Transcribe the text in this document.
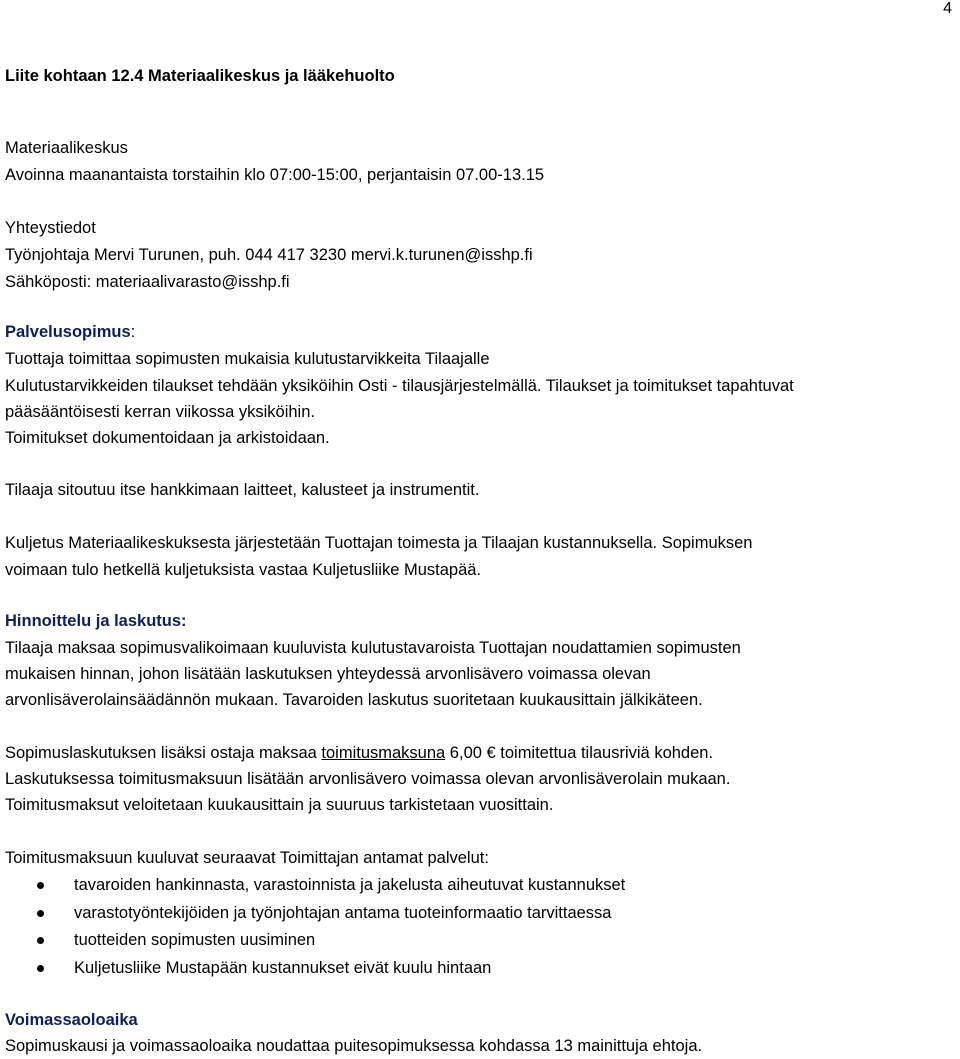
4
Liite kohtaan 12.4 Materiaalikeskus ja lääkehuolto
Materiaalikeskus
Avoinna maanantaista torstaihin klo 07:00-15:00, perjantaisin 07.00-13.15
Yhteystiedot
Työnjohtaja Mervi Turunen, puh. 044 417 3230 mervi.k.turunen@isshp.fi
Sähköposti: materiaalivarasto@isshp.fi
Palvelusopimus:
Tuottaja toimittaa sopimusten mukaisia kulutustarvikkeita Tilaajalle
Kulutustarvikkeiden tilaukset tehdään yksiköihin Osti - tilausjärjestelmällä. Tilaukset ja toimitukset tapahtuvat
pääsääntöisesti kerran viikossa yksiköihin.
Toimitukset dokumentoidaan ja arkistoidaan.
Tilaaja sitoutuu itse hankkimaan laitteet, kalusteet ja instrumentit.
Kuljetus Materiaalikeskuksesta järjestetään Tuottajan toimesta ja Tilaajan kustannuksella. Sopimuksen
voimaan tulo hetkellä kuljetuksista vastaa Kuljetusliike Mustapää.
Hinnoittelu ja laskutus:
Tilaaja maksaa sopimusvalikoimaan kuuluvista kulutustavaroista Tuottajan noudattamien sopimusten
mukaisen hinnan, johon lisätään laskutuksen yhteydessä arvonlisävero voimassa olevan
arvonlisäverolainsäädännön mukaan. Tavaroiden laskutus suoritetaan kuukausittain jälkikäteen.
Sopimuslaskutuksen lisäksi ostaja maksaa toimitusmaksuna 6,00 € toimitettua tilausriviä kohden.
Laskutuksessa toimitusmaksuun lisätään arvonlisävero voimassa olevan arvonlisäverolain mukaan.
Toimitusmaksut veloitetaan kuukausittain ja suuruus tarkistetaan vuosittain.
Toimitusmaksuun kuuluvat seuraavat Toimittajan antamat palvelut:
tavaroiden hankinnasta, varastoinnista ja jakelusta aiheutuvat kustannukset
varastotyöntekijöiden ja työnjohtajan antama tuoteinformaatio tarvittaessa
tuotteiden sopimusten uusiminen
Kuljetusliike Mustapään kustannukset eivät kuulu hintaan
Voimassaoloaika
Sopimuskausi ja voimassaoloaika noudattaa puitesopimuksessa kohdassa 13 mainittuja ehtoja.
